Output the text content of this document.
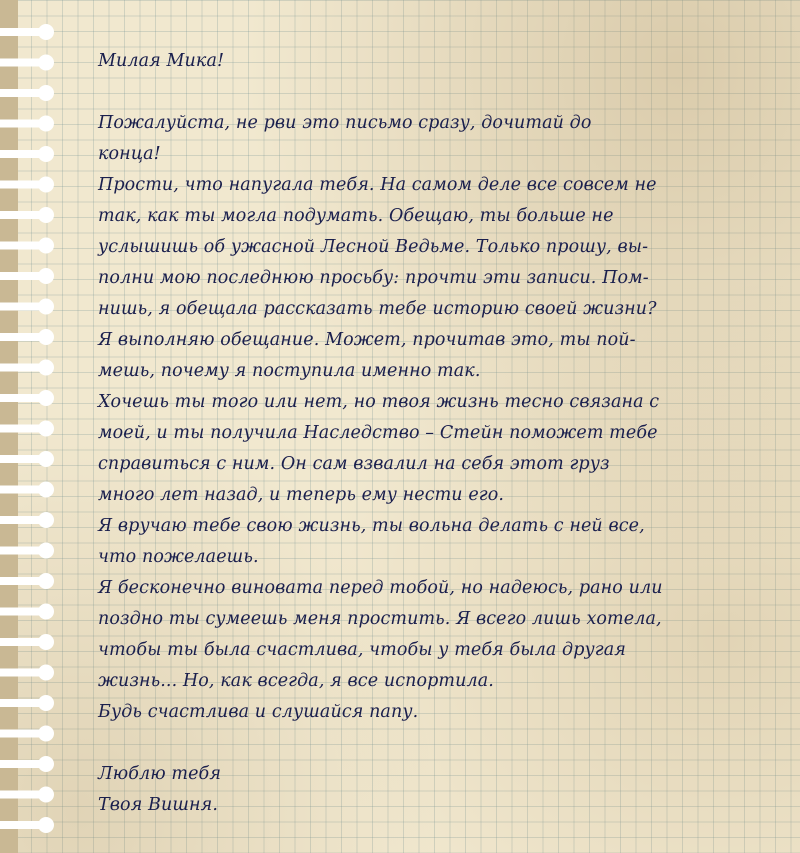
Милая Мика!
Пожалуйста, не рви это письмо сразу, дочитай до
конца!
Прости, что напугала тебя. На самом деле все совсем не
так, как ты могла подумать. Обещаю, ты больше не
услышишь об ужасной Лесной Ведьме. Только прошу, вы-
полни мою последнюю просьбу: прочти эти записи. Пом-
нишь, я обещала рассказать тебе историю своей жизни?
Я выполняю обещание. Может, прочитав это, ты пой-
мешь, почему я поступила именно так.
Хочешь ты того или нет, но твоя жизнь тесно связана с
моей, и ты получила Наследство – Стейн поможет тебе
справиться с ним. Он сам взвалил на себя этот груз
много лет назад, и теперь ему нести его.
Я вручаю тебе свою жизнь, ты вольна делать с ней все,
что пожелаешь.
Я бесконечно виновата перед тобой, но надеюсь, рано или
поздно ты сумеешь меня простить. Я всего лишь хотела,
чтобы ты была счастлива, чтобы у тебя была другая
жизнь... Но, как всегда, я все испортила.
Будь счастлива и слушайся папу.
Люблю тебя
Твоя Вишня.
